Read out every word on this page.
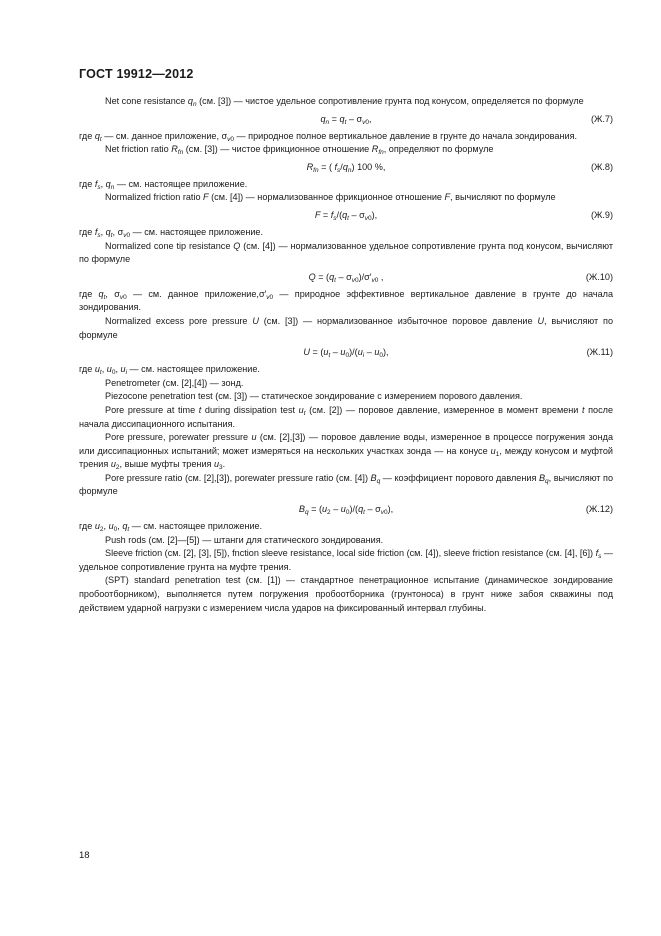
ГОСТ 19912—2012

Net cone resistance $q_n$ (см. [3]) — чистое удельное сопротивление грунта под конусом, определяется по формуле

$q_n = q_t - \sigma_{v0}$,	(Ж.7)

где $q_t$ — см. данное приложение, $\sigma_{v0}$ — природное полное вертикальное давление в грунте до начала зондирования.

Net friction ratio $R_{fn}$ (см. [3]) — чистое фрикционное отношение $R_{fn}$, определяют по формуле

$R_{fn}$ = ( $f_s/q_n$) 100 %,	(Ж.8)

где $f_s$, $q_n$ — см. настоящее приложение.

Normalized friction ratio F (см. [4]) — нормализованное фрикционное отношение F, вычисляют по формуле

$F = f_s/(q_t - \sigma_{v0})$,	(Ж.9)

где $f_s$, $q_t$, $\sigma_{v0}$ — см. настоящее приложение.

Normalized cone tip resistance Q (см. [4]) — нормализованное удельное сопротивление грунта под конусом, вычисляют по формуле

$Q = (q_t - \sigma_{v0})/\sigma'_{v0}$ ,	(Ж.10)

где $q_t$, $\sigma_{v0}$ — см. данное $приложение,\sigma'_{v0}$ — природное эффективное вертикальное давление в грунте до начала зондирования.

Normalized excess pore pressure U (см. [3]) — нормализованное избыточное поровое давление U, вычисляют по формуле

$U = (u_t - u_0)/(u_i - u_0)$,	(Ж.11)

где $u_t$, $u_0$, $u_i$ — см. настоящее приложение.

Penetrometer (см. [2],[4]) — зонд.

Piezocone penetration test (см. [3]) — статическое зондирование с измерением порового давления.

Pore pressure at time t during dissipation test $u_t$ (см. [2]) — поровое давление, измеренное в момент времени t после начала диссипационного испытания.

Pore pressure, porewater pressure u (см. [2],[3]) — поровое давление воды, измеренное в процессе погружения зонда или диссипационных испытаний; может измеряться на нескольких участках зонда — на конусе $u_1$, между конусом и муфтой трения $u_2$, выше муфты трения $u_3$.

Pore pressure ratio (см. [2],[3]), porewater pressure ratio (см. [4]) $B_q$ — коэффициент порового давления $B_q$, вычисляют по формуле

$B_q = (u_2 - u_0)/(q_t - \sigma_{v0})$,	(Ж.12)

где $u_2$, $u_0$, $q_t$ — см. настоящее приложение.

Push rods (см. [2]—[5]) — штанги для статического зондирования.

Sleeve friction (см. [2], [3], [5]), fnction sleeve resistance, local side friction (см. [4]), sleeve friction resistance (см. [4], [6]) $f_s$ — удельное сопротивление грунта на муфте трения.

(SPT) standard penetration test (см. [1]) — стандартное пенетрационное испытание (динамическое зондирование пробоотборником), выполняется путем погружения пробоотборника (грунтоноса) в грунт ниже забоя скважины под действием ударной нагрузки с измерением числа ударов на фиксированный интервал глубины.

18
